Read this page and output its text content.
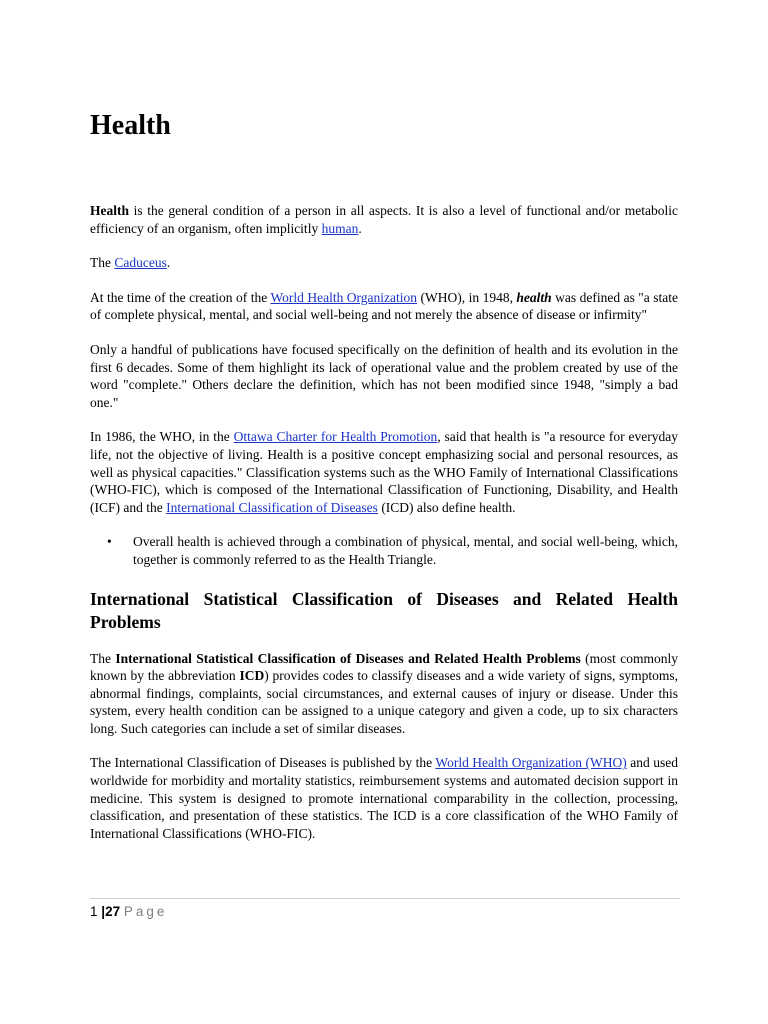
Health

Health is the general condition of a person in all aspects. It is also a level of functional and/or metabolic efficiency of an organism, often implicitly human.

The Caduceus.

At the time of the creation of the World Health Organization (WHO), in 1948, health was defined as "a state of complete physical, mental, and social well-being and not merely the absence of disease or infirmity"

Only a handful of publications have focused specifically on the definition of health and its evolution in the first 6 decades. Some of them highlight its lack of operational value and the problem created by use of the word "complete." Others declare the definition, which has not been modified since 1948, "simply a bad one."

In 1986, the WHO, in the Ottawa Charter for Health Promotion, said that health is "a resource for everyday life, not the objective of living. Health is a positive concept emphasizing social and personal resources, as well as physical capacities." Classification systems such as the WHO Family of International Classifications (WHO-FIC), which is composed of the International Classification of Functioning, Disability, and Health (ICF) and the International Classification of Diseases (ICD) also define health.

• Overall health is achieved through a combination of physical, mental, and social well-being, which, together is commonly referred to as the Health Triangle.
International Statistical Classification of Diseases and Related Health Problems

The International Statistical Classification of Diseases and Related Health Problems (most commonly known by the abbreviation ICD) provides codes to classify diseases and a wide variety of signs, symptoms, abnormal findings, complaints, social circumstances, and external causes of injury or disease. Under this system, every health condition can be assigned to a unique category and given a code, up to six characters long. Such categories can include a set of similar diseases.

The International Classification of Diseases is published by the World Health Organization (WHO) and used worldwide for morbidity and mortality statistics, reimbursement systems and automated decision support in medicine. This system is designed to promote international comparability in the collection, processing, classification, and presentation of these statistics. The ICD is a core classification of the WHO Family of International Classifications (WHO-FIC).

1 |27 Page
